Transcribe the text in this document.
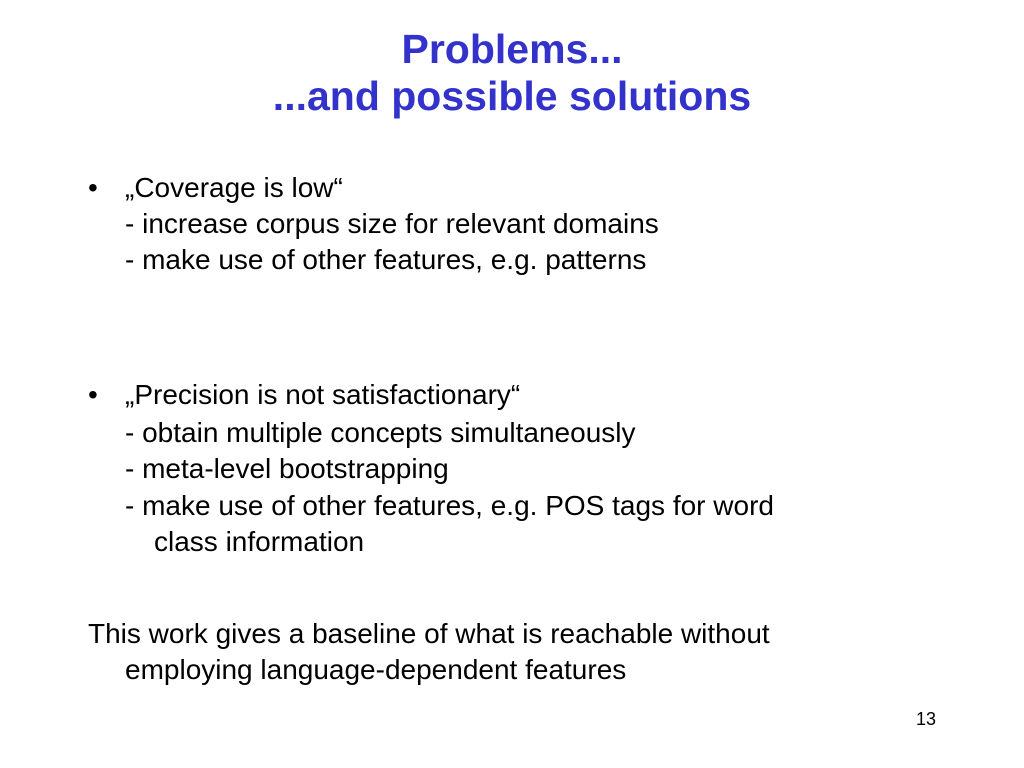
Problems...
...and possible solutions
• „Coverage is low“
- increase corpus size for relevant domains
- make use of other features, e.g. patterns
• „Precision is not satisfactionary“
- obtain multiple concepts simultaneously
- meta-level bootstrapping
- make use of other features, e.g. POS tags for word
class information
This work gives a baseline of what is reachable without
employing language-dependent features
13
